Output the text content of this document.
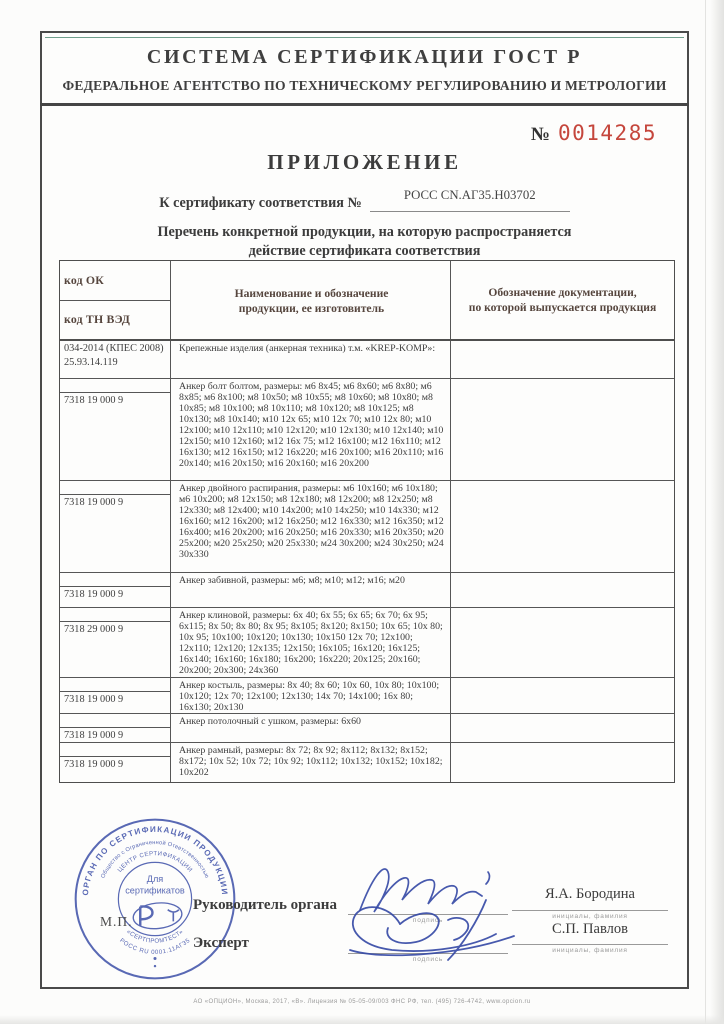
СИСТЕМА СЕРТИФИКАЦИИ ГОСТ Р
ФЕДЕРАЛЬНОЕ АГЕНТСТВО ПО ТЕХНИЧЕСКОМУ РЕГУЛИРОВАНИЮ И МЕТРОЛОГИИ
№ 0014285
ПРИЛОЖЕНИЕ
К сертификату соответствия №	РОСС CN.АГ35.Н03702
Перечень конкретной продукции, на которую распространяется
действие сертификата соответствия
код ОК
код ТН ВЭД
Наименование и обозначение
продукции, ее изготовитель
Обозначение документации,
по которой выпускается продукция
034-2014 (КПЕС 2008)
25.93.14.119
Крепежные изделия (анкерная техника) т.м. «KREP-KOMP»:
7318 19 000 9
Анкер болт болтом, размеры: м6 8х45; м6 8х60; м6 8х80; м6 8х85; м6 8х100; м8 10х50; м8 10х55; м8 10х60; м8 10х80; м8 10х85; м8 10х100; м8 10х110; м8 10х120; м8 10х125; м8 10х130; м8 10х140; м10 12х 65; м10 12х 70; м10 12х 80; м10 12х100; м10 12х110; м10 12х120; м10 12х130; м10 12х140; м10 12х150; м10 12х160; м12 16х 75; м12 16х100; м12 16х110; м12 16х130; м12 16х150; м12 16х220; м16 20х100; м16 20х110; м16 20х140; м16 20х150; м16 20х160; м16 20х200
7318 19 000 9
Анкер двойного распирания, размеры: м6 10х160; м6 10х180; м6 10х200; м8 12х150; м8 12х180; м8 12х200; м8 12х250; м8 12х330; м8 12х400; м10 14х200; м10 14х250; м10 14х330; м12 16х160; м12 16х200; м12 16х250; м12 16х330; м12 16х350; м12 16х400; м16 20х200; м16 20х250; м16 20х330; м16 20х350; м20 25х200; м20 25х250; м20 25х330; м24 30х200; м24 30х250; м24 30х330
7318 19 000 9
Анкер забивной, размеры: м6; м8; м10; м12; м16; м20
7318 29 000 9
Анкер клиновой, размеры: 6х 40; 6х 55; 6х 65; 6х 70; 6х 95; 6х115; 8х 50; 8х 80; 8х 95; 8х105; 8х120; 8х150; 10х 65; 10х 80; 10х 95; 10х100; 10х120; 10х130; 10х150 12х 70; 12х100; 12х110; 12х120; 12х135; 12х150; 16х105; 16х120; 16х125; 16х140; 16х160; 16х180; 16х200; 16х220; 20х125; 20х160; 20х200; 20х300; 24х360
7318 19 000 9
Анкер костыль, размеры: 8х 40; 8х 60; 10х 60, 10х 80; 10х100; 10х120; 12х 70; 12х100; 12х130; 14х 70; 14х100; 16х 80; 16х130; 20х130
7318 19 000 9
Анкер потолочный с ушком, размеры: 6х60
7318 19 000 9
Анкер рамный, размеры: 8х 72; 8х 92; 8х112; 8х132; 8х152; 8х172; 10х 52; 10х 72; 10х 92; 10х112; 10х132; 10х152; 10х182; 10х202
ОРГАН ПО СЕРТИФИКАЦИИ ПРОДУКЦИИ
Общество с Ограниченной Ответственностью
РОСС RU 0001.11АГ35
ЦЕНТР СЕРТИФИКАЦИИ
«СЕРТПРОМТЕСТ»
Для
сертификатов
М.П.
Руководитель органа
Эксперт
подпись
подпись
Я.А. Бородина
инициалы, фамилия
С.П. Павлов
инициалы, фамилия
АО «ОПЦИОН», Москва, 2017, «В». Лицензия № 05-05-09/003 ФНС РФ, тел. (495) 726-4742, www.opcion.ru
